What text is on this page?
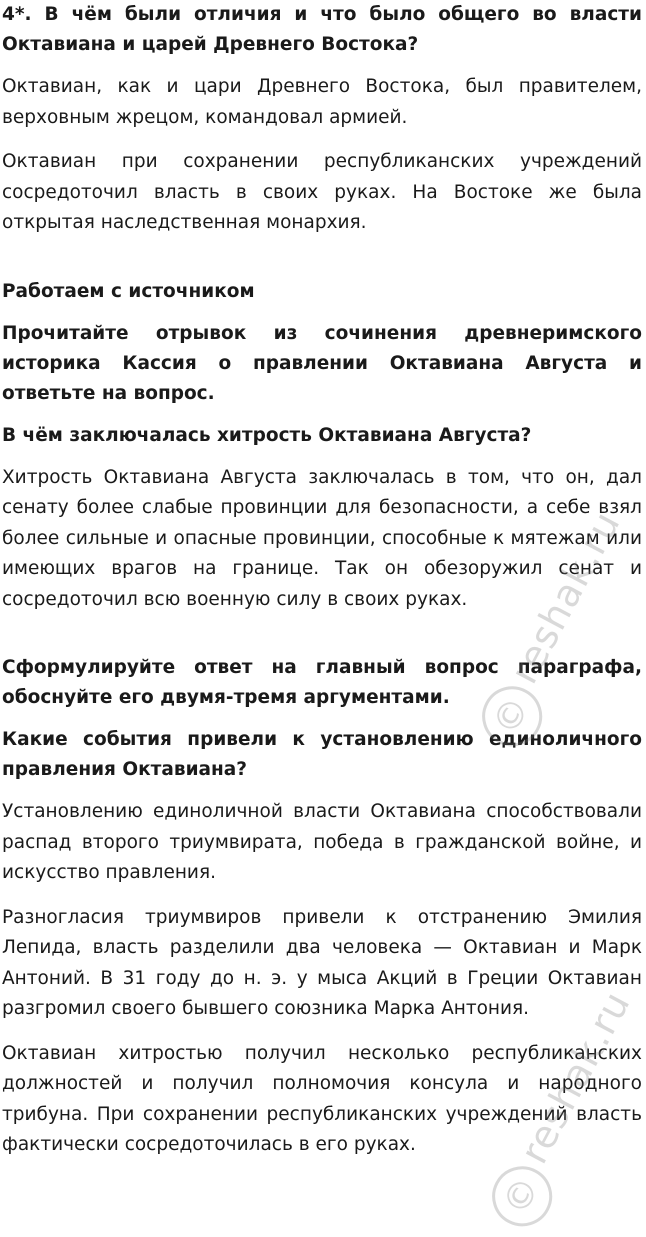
4*. В чём были отличия и что было общего во власти Октавиана и царей Древнего Востока?

Октавиан, как и цари Древнего Востока, был правителем, верховным жрецом, командовал армией.

Октавиан при сохранении республиканских учреждений сосредоточил власть в своих руках. На Востоке же была открытая наследственная монархия.

Работаем с источником

Прочитайте отрывок из сочинения древнеримского историка Кассия о правлении Октавиана Августа и ответьте на вопрос.

В чём заключалась хитрость Октавиана Августа?

Хитрость Октавиана Августа заключалась в том, что он, дал сенату более слабые провинции для безопасности, а себе взял более сильные и опасные провинции, способные к мятежам или имеющих врагов на границе. Так он обезоружил сенат и сосредоточил всю военную силу в своих руках.

Сформулируйте ответ на главный вопрос параграфа, обоснуйте его двумя-тремя аргументами.

Какие события привели к установлению единоличного правления Октавиана?

Установлению единоличной власти Октавиана способствовали распад второго триумвирата, победа в гражданской войне, и искусство правления.

Разногласия триумвиров привели к отстранению Эмилия Лепида, власть разделили два человека — Октавиан и Марк Антоний. В 31 году до н. э. у мыса Акций в Греции Октавиан разгромил своего бывшего союзника Марка Антония.

Октавиан хитростью получил несколько республиканских должностей и получил полномочия консула и народного трибуна. При сохранении республиканских учреждений власть фактически сосредоточилась в его руках.

©reshak.ru
©reshak.ru
